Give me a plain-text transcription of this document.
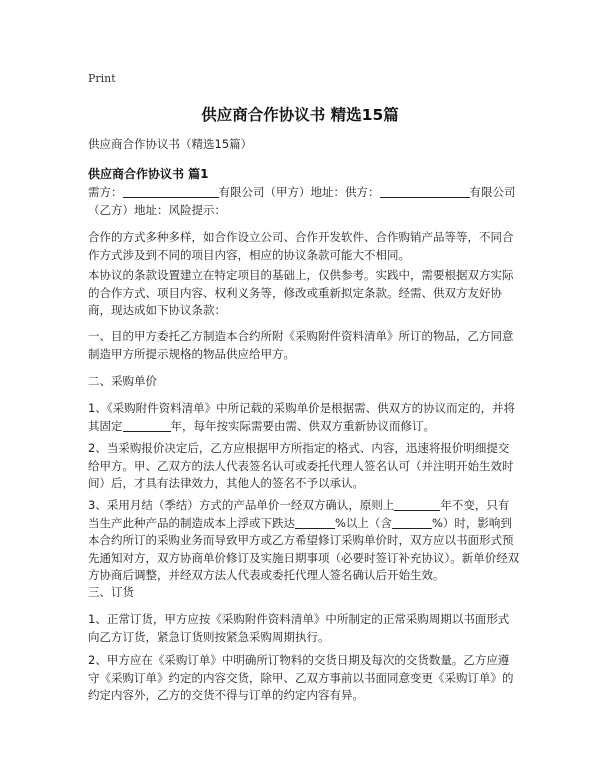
Print
供应商合作协议书 精选15篇
供应商合作协议书（精选15篇）
供应商合作协议书 篇1
需方：	有限公司（甲方）地址：供方：	有限公司（乙方）地址：风险提示：
合作的方式多种多样，如合作设立公司、合作开发软件、合作购销产品等等，不同合作方式涉及到不同的项目内容，相应的协议条款可能大不相同。
本协议的条款设置建立在特定项目的基础上，仅供参考。实践中，需要根据双方实际的合作方式、项目内容、权利义务等，修改或重新拟定条款。经需、供双方友好协商，现达成如下协议条款：
一、目的甲方委托乙方制造本合约所附《采购附件资料清单》所订的物品，乙方同意制造甲方所提示规格的物品供应给甲方。
二、采购单价
1、《采购附件资料清单》中所记载的采购单价是根据需、供双方的协议而定的，并将其固定	年，每年按实际需要由需、供双方重新协议而修订。
2、当采购报价决定后，乙方应根据甲方所指定的格式、内容，迅速将报价明细提交给甲方。甲、乙双方的法人代表签名认可或委托代理人签名认可（并注明开始生效时间）后，才具有法律效力，其他人的签名不予以承认。
3、采用月结（季结）方式的产品单价一经双方确认，原则上	年不变，只有当生产此种产品的制造成本上浮或下跌达	%以上（含	%）时，影响到本合约所订的采购业务而导致甲方或乙方希望修订采购单价时，双方应以书面形式预先通知对方，双方协商单价修订及实施日期事项（必要时签订补充协议）。新单价经双方协商后调整，并经双方法人代表或委托代理人签名确认后开始生效。
三、订货
1、正常订货，甲方应按《采购附件资料清单》中所制定的正常采购周期以书面形式向乙方订货，紧急订货则按紧急采购周期执行。
2、甲方应在《采购订单》中明确所订物料的交货日期及每次的交货数量。乙方应遵守《采购订单》约定的内容交货，除甲、乙双方事前以书面同意变更《采购订单》的约定内容外，乙方的交货不得与订单的约定内容有异。
